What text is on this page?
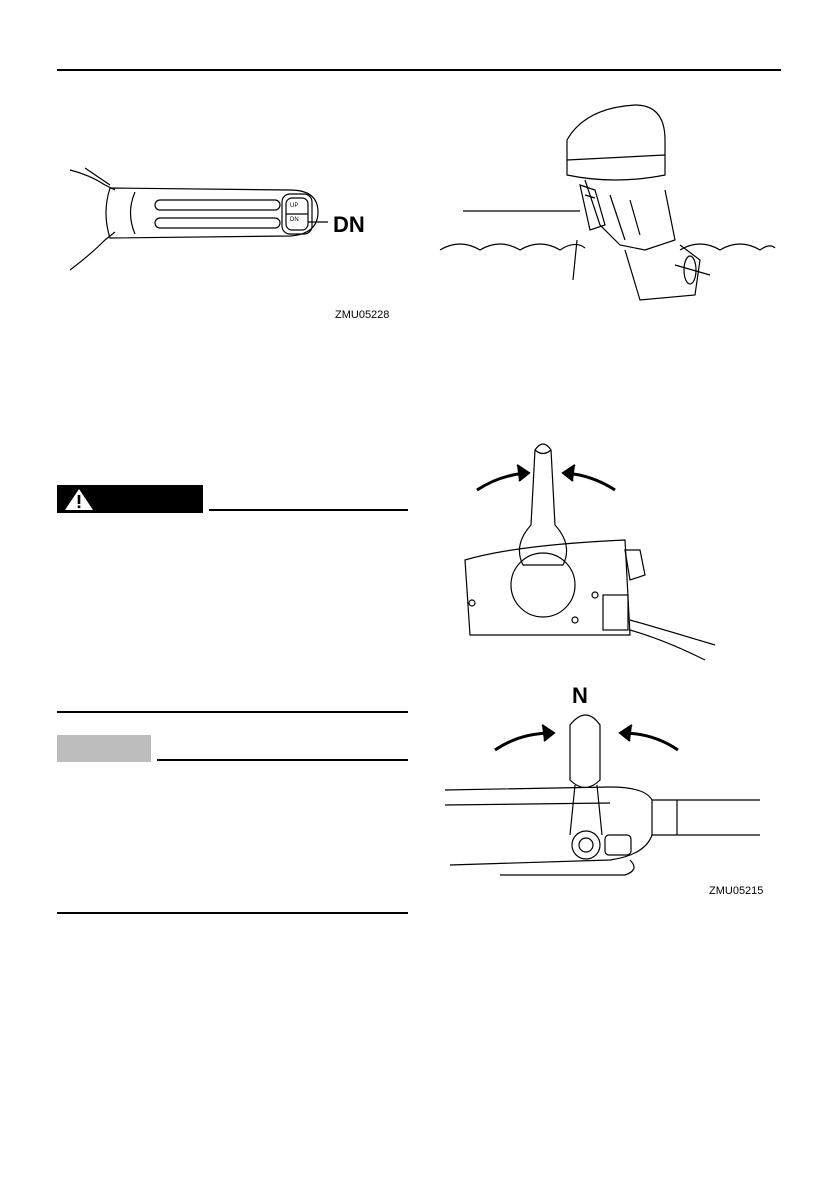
UP
DN DN
ZMU05228
N
ZMU05215
